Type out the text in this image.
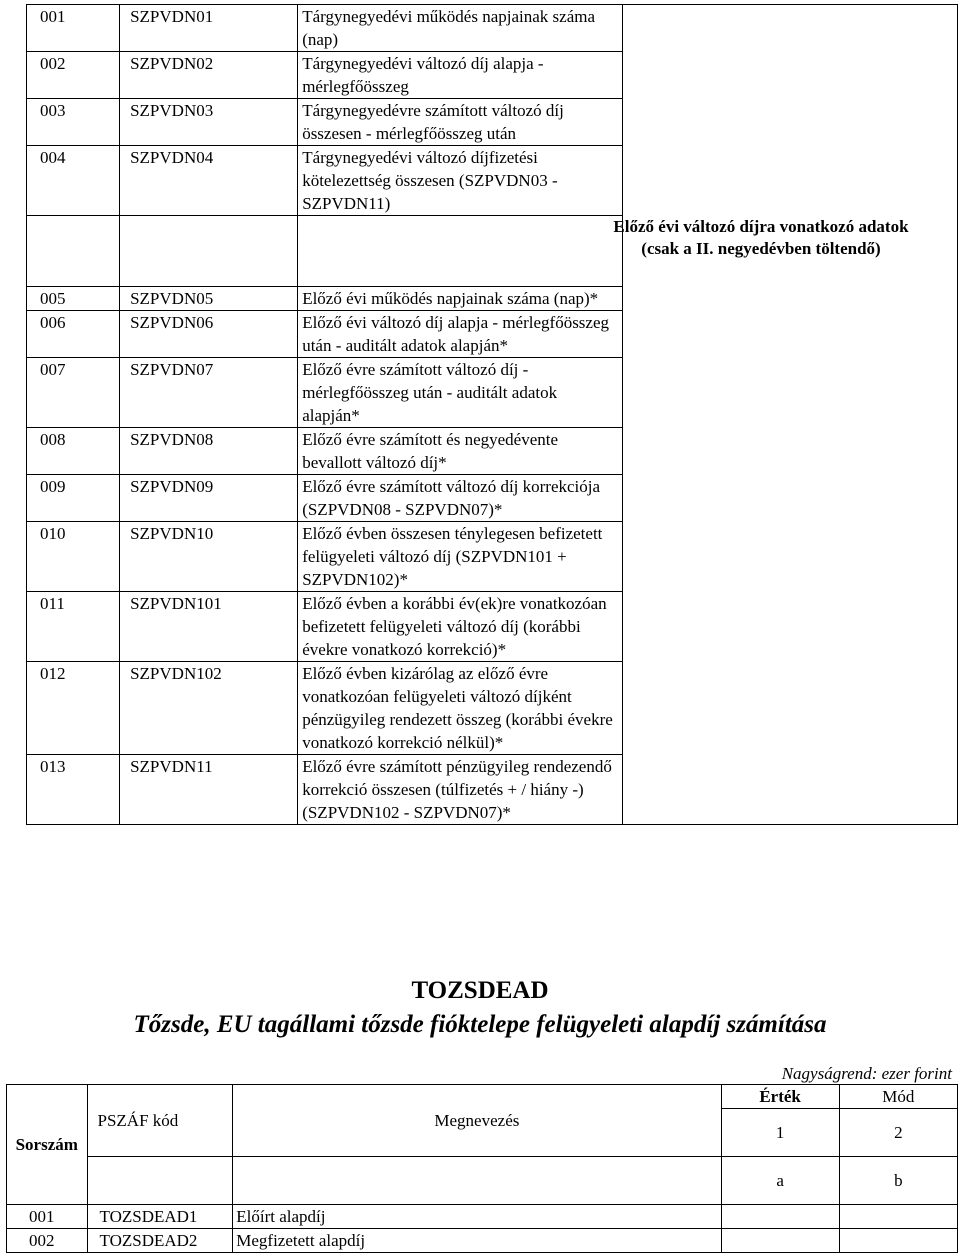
001	SZPVDN01	Tárgynegyedévi működés napjainak száma (nap)	
002	SZPVDN02	Tárgynegyedévi változó díj alapja - mérlegfőösszeg	
003	SZPVDN03	Tárgynegyedévre számított változó díj összesen - mérlegfőösszeg után	
004	SZPVDN04	Tárgynegyedévi változó díjfizetési kötelezettség összesen (SZPVDN03 - SZPVDN11)	

005	SZPVDN05	Előző évi működés napjainak száma (nap)*	
006	SZPVDN06	Előző évi változó díj alapja - mérlegfőösszeg után - auditált adatok alapján*	
007	SZPVDN07	Előző évre számított változó díj - mérlegfőösszeg után - auditált adatok alapján*	
008	SZPVDN08	Előző évre számított és negyedévente bevallott változó díj*	
009	SZPVDN09	Előző évre számított változó díj korrekciója (SZPVDN08 - SZPVDN07)*	
010	SZPVDN10	Előző évben összesen ténylegesen befizetett felügyeleti változó díj (SZPVDN101 + SZPVDN102)*	
011	SZPVDN101	Előző évben a korábbi év(ek)re vonatkozóan befizetett felügyeleti változó díj (korábbi évekre vonatkozó korrekció)*	
012	SZPVDN102	Előző évben kizárólag az előző évre vonatkozóan felügyeleti változó díjként pénzügyileg rendezett összeg (korábbi évekre vonatkozó korrekció nélkül)*	
013	SZPVDN11	Előző évre számított pénzügyileg rendezendő korrekció összesen (túlfizetés + / hiány -) (SZPVDN102 - SZPVDN07)*	
Előző évi változó díjra vonatkozó adatok (csak a II. negyedévben töltendő)
TOZSDEAD
Tőzsde, EU tagállami tőzsde fióktelepe felügyeleti alapdíj számítása
Nagyságrend: ezer forint
Sorszám	PSZÁF kód	Megnevezés	Érték	Mód
			1	2
			a	b
001	TOZSDEAD1	Előírt alapdíj		
002	TOZSDEAD2	Megfizetett alapdíj		
